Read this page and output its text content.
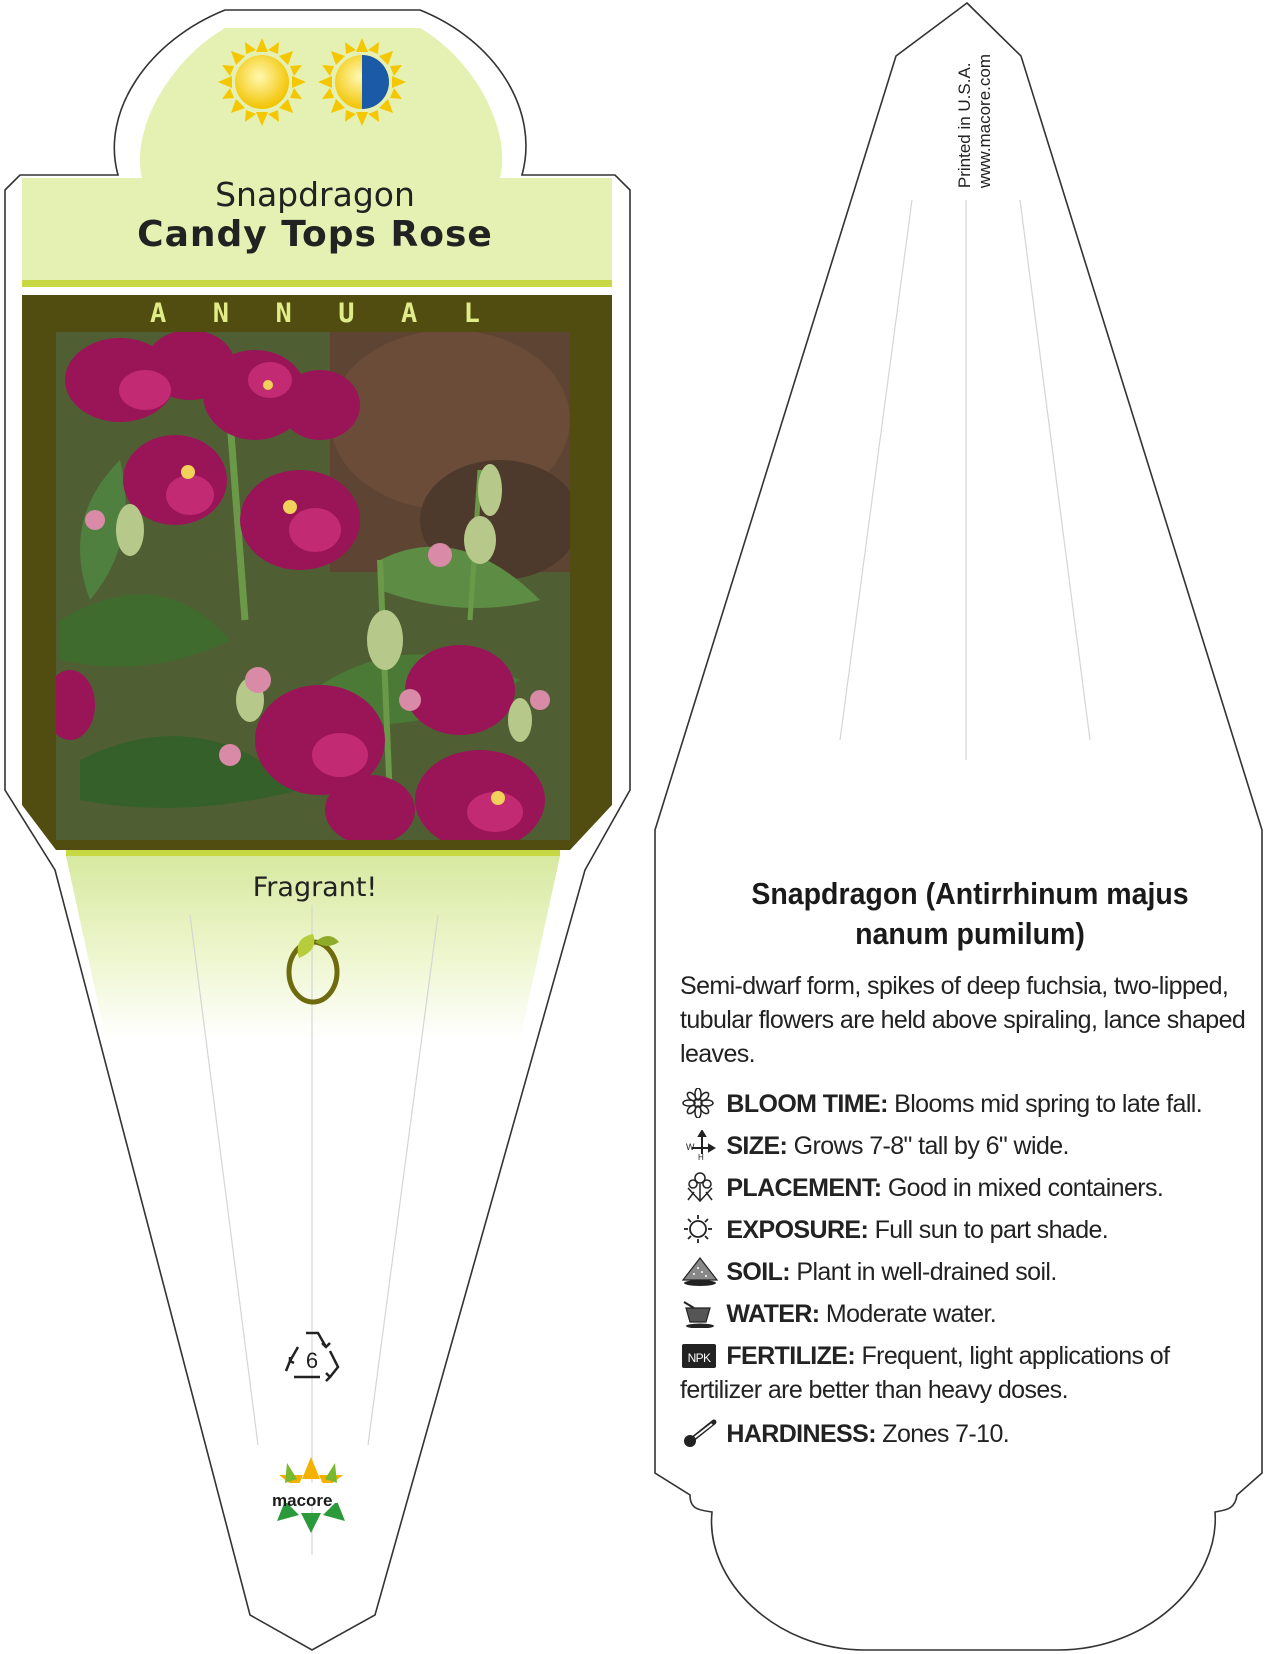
Snapdragon
Candy Tops Rose
A N N U A L
Fragrant!
6
macore
Printed in U.S.A. www.macore.com
Snapdragon (Antirrhinum majus nanum pumilum)
Semi-dwarf form, spikes of deep fuchsia, two-lipped, tubular flowers are held above spiraling, lance shaped leaves.
BLOOM TIME: Blooms mid spring to late fall.
W
H SIZE: Grows 7-8" tall by 6" wide.
PLACEMENT: Good in mixed containers.
EXPOSURE: Full sun to part shade.
SOIL: Plant in well-drained soil.
WATER: Moderate water.
NPK FERTILIZE: Frequent, light applications of fertilizer are better than heavy doses.
HARDINESS: Zones 7-10.
